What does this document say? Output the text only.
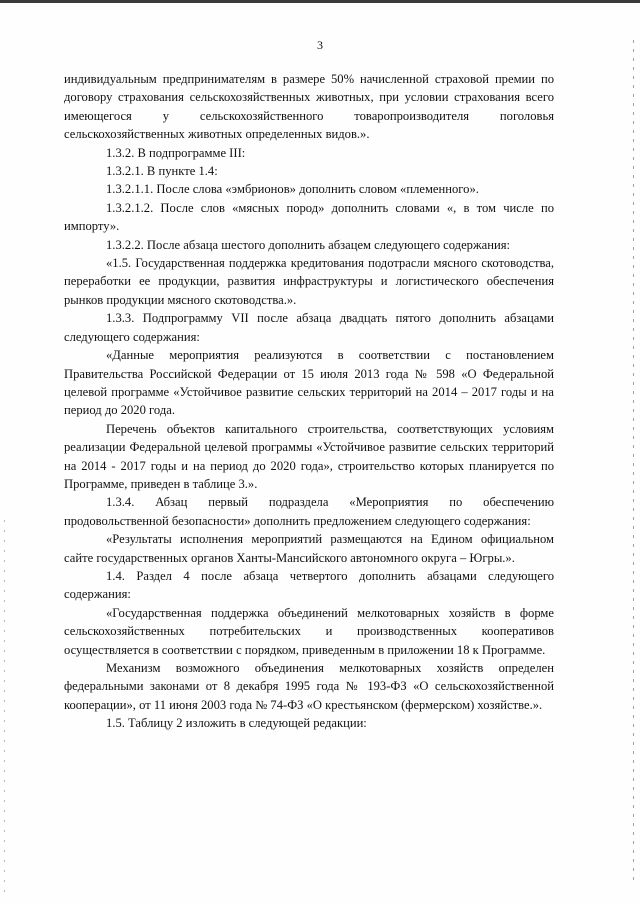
3

индивидуальным предпринимателям в размере 50% начисленной страховой премии по договору страхования сельскохозяйственных животных, при условии страхования всего имеющегося у сельскохозяйственного товаропроизводителя поголовья сельскохозяйственных животных определенных видов.».

1.3.2. В подпрограмме III:

1.3.2.1. В пункте 1.4:

1.3.2.1.1. После слова «эмбрионов» дополнить словом «племенного».

1.3.2.1.2. После слов «мясных пород» дополнить словами «, в том числе по импорту».

1.3.2.2. После абзаца шестого дополнить абзацем следующего содержания:

«1.5. Государственная поддержка кредитования подотрасли мясного скотоводства, переработки ее продукции, развития инфраструктуры и логистического обеспечения рынков продукции мясного скотоводства.».

1.3.3. Подпрограмму VII после абзаца двадцать пятого дополнить абзацами следующего содержания:

«Данные мероприятия реализуются в соответствии с постановлением Правительства Российской Федерации от 15 июля 2013 года № 598 «О Федеральной целевой программе «Устойчивое развитие сельских территорий на 2014 – 2017 годы и на период до 2020 года.

Перечень объектов капитального строительства, соответствующих условиям реализации Федеральной целевой программы «Устойчивое развитие сельских территорий на 2014 - 2017 годы и на период до 2020 года», строительство которых планируется по Программе, приведен в таблице 3.».

1.3.4. Абзац первый подраздела «Мероприятия по обеспечению продовольственной безопасности» дополнить предложением следующего содержания:

«Результаты исполнения мероприятий размещаются на Едином официальном сайте государственных органов Ханты-Мансийского автономного округа – Югры.».

1.4. Раздел 4 после абзаца четвертого дополнить абзацами следующего содержания:

«Государственная поддержка объединений мелкотоварных хозяйств в форме сельскохозяйственных потребительских и производственных кооперативов осуществляется в соответствии с порядком, приведенным в приложении 18 к Программе.

Механизм возможного объединения мелкотоварных хозяйств определен федеральными законами от 8 декабря 1995 года № 193-ФЗ «О сельскохозяйственной кооперации», от 11 июня 2003 года № 74-ФЗ «О крестьянском (фермерском) хозяйстве.».

1.5. Таблицу 2 изложить в следующей редакции:
